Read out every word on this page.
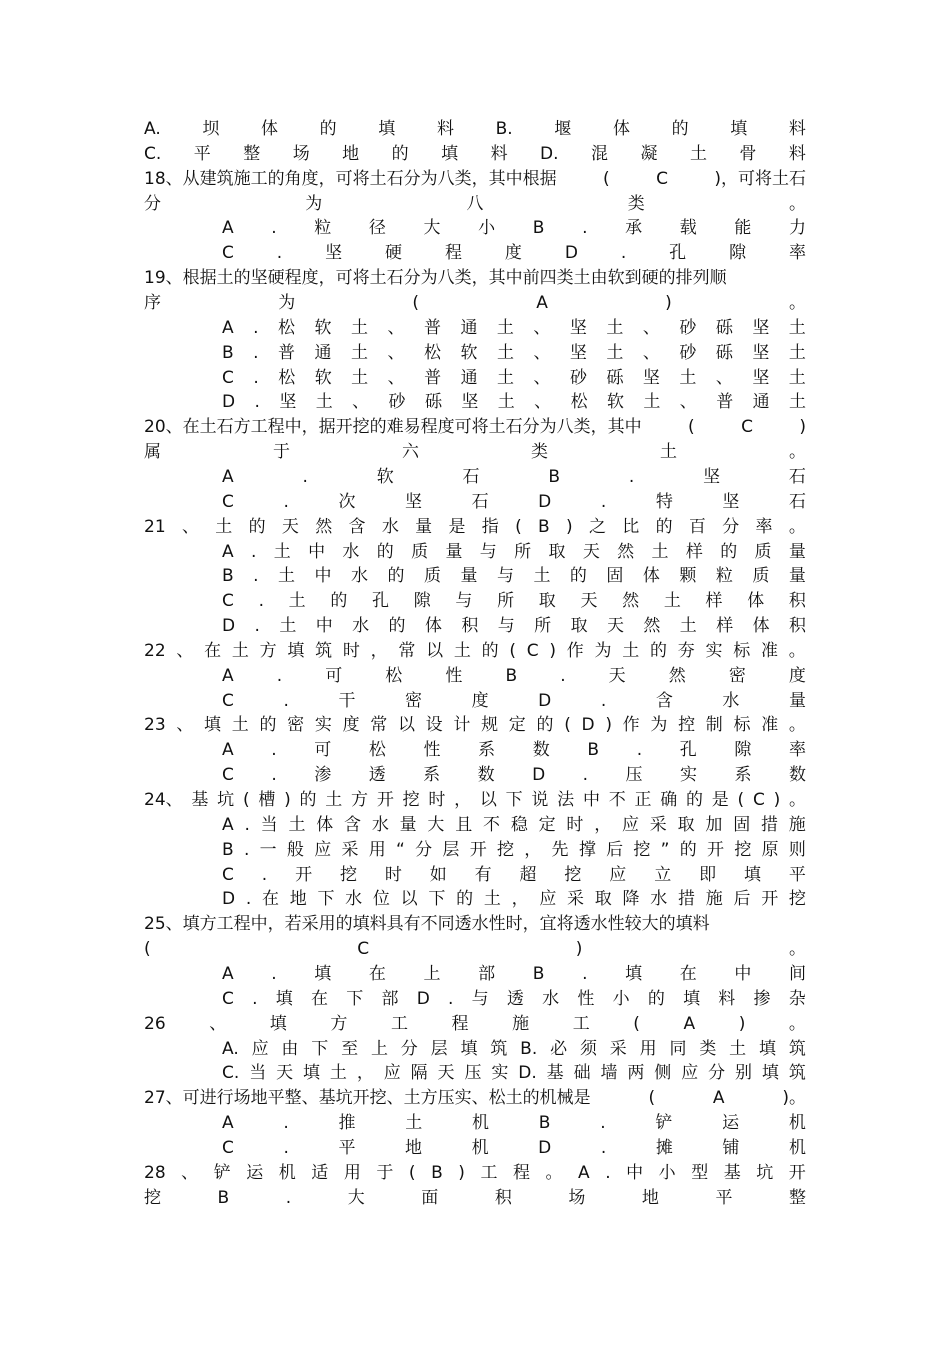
A. 坝 体 的 填 料 B. 堰 体 的 填 料
C. 平 整 场 地 的 填 料 D. 混 凝 土 骨 料
18、从建筑施工的角度，可将土石分为八类，其中根据	(	C	)，可将土石
分	为	八	类	。
A . 粒 径 大 小 B . 承 载 能 力
C	.	坚	硬	程	度	D	.	孔	隙	率
19、根据土的坚硬程度，可将土石分为八类，其中前四类土由软到硬的排列顺
序	为	(	A	)	。
A . 松 软 土 、 普 通 土 、 坚 土 、 砂 砾 坚 土
B . 普 通 土 、 松 软 土 、 坚 土 、 砂 砾 坚 土
C . 松 软 土 、 普 通 土 、 砂 砾 坚 土 、 坚 土
D . 坚 土 、 砂 砾 坚 土 、 松 软 土 、 普 通 土
20、在土石方工程中，据开挖的难易程度可将土石分为八类，其中	(	C	)
属	于	六	类	土	。
A	.	软	石	B	.	坚	石
C	.	次	坚	石	D	.	特	坚	石
21 、 土 的 天 然 含 水 量 是 指 ( B ) 之 比 的 百 分 率 。
A . 土 中 水 的 质 量 与 所 取 天 然 土 样 的 质 量
B . 土 中 水 的 质 量 与 土 的 固 体 颗 粒 质 量
C . 土 的 孔 隙 与 所 取 天 然 土 样 体 积
D . 土 中 水 的 体 积 与 所 取 天 然 土 样 体 积
22 、 在 土 方 填 筑 时 ， 常 以 土 的 ( C ) 作 为 土 的 夯 实 标 准 。
A	.	可	松	性	B	.	天	然	密	度
C	.	干	密	度	D	.	含	水	量
23 、 填 土 的 密 实 度 常 以 设 计 规 定 的 ( D ) 作 为 控 制 标 准 。
A . 可 松 性 系 数 B . 孔 隙 率
C . 渗 透 系 数 D . 压 实 系 数
24、 基 坑 ( 槽 ) 的 土 方 开 挖 时 ， 以 下 说 法 中 不 正 确 的 是 ( C ) 。
A . 当 土 体 含 水 量 大 且 不 稳 定 时 ， 应 采 取 加 固 措 施
B . 一 般 应 采 用 “ 分 层 开 挖 ， 先 撑 后 挖 ” 的 开 挖 原 则
C . 开 挖 时 如 有 超 挖 应 立 即 填 平
D . 在 地 下 水 位 以 下 的 土 ， 应 采 取 降 水 措 施 后 开 挖
25、填方工程中，若采用的填料具有不同透水性时，宜将透水性较大的填料
(	C	)	。
A . 填 在 上 部 B . 填 在 中 间
C . 填 在 下 部 D . 与 透 水 性 小 的 填 料 掺 杂
26	、	填	方	工	程	施	工	(	A	)	。
A. 应 由 下 至 上 分 层 填 筑 B. 必 须 采 用 同 类 土 填 筑
C. 当 天 填 土 ， 应 隔 天 压 实 D. 基 础 墙 两 侧 应 分 别 填 筑
27、可进行场地平整、基坑开挖、土方压实、松土的机械是	(	A	)。
A	.	推	土	机	B	.	铲	运	机
C	.	平	地	机	D	.	摊	铺	机
28 、 铲 运 机 适 用 于 ( B ) 工 程 。 A . 中 小 型 基 坑 开
挖	B	.	大	面	积	场	地	平	整
